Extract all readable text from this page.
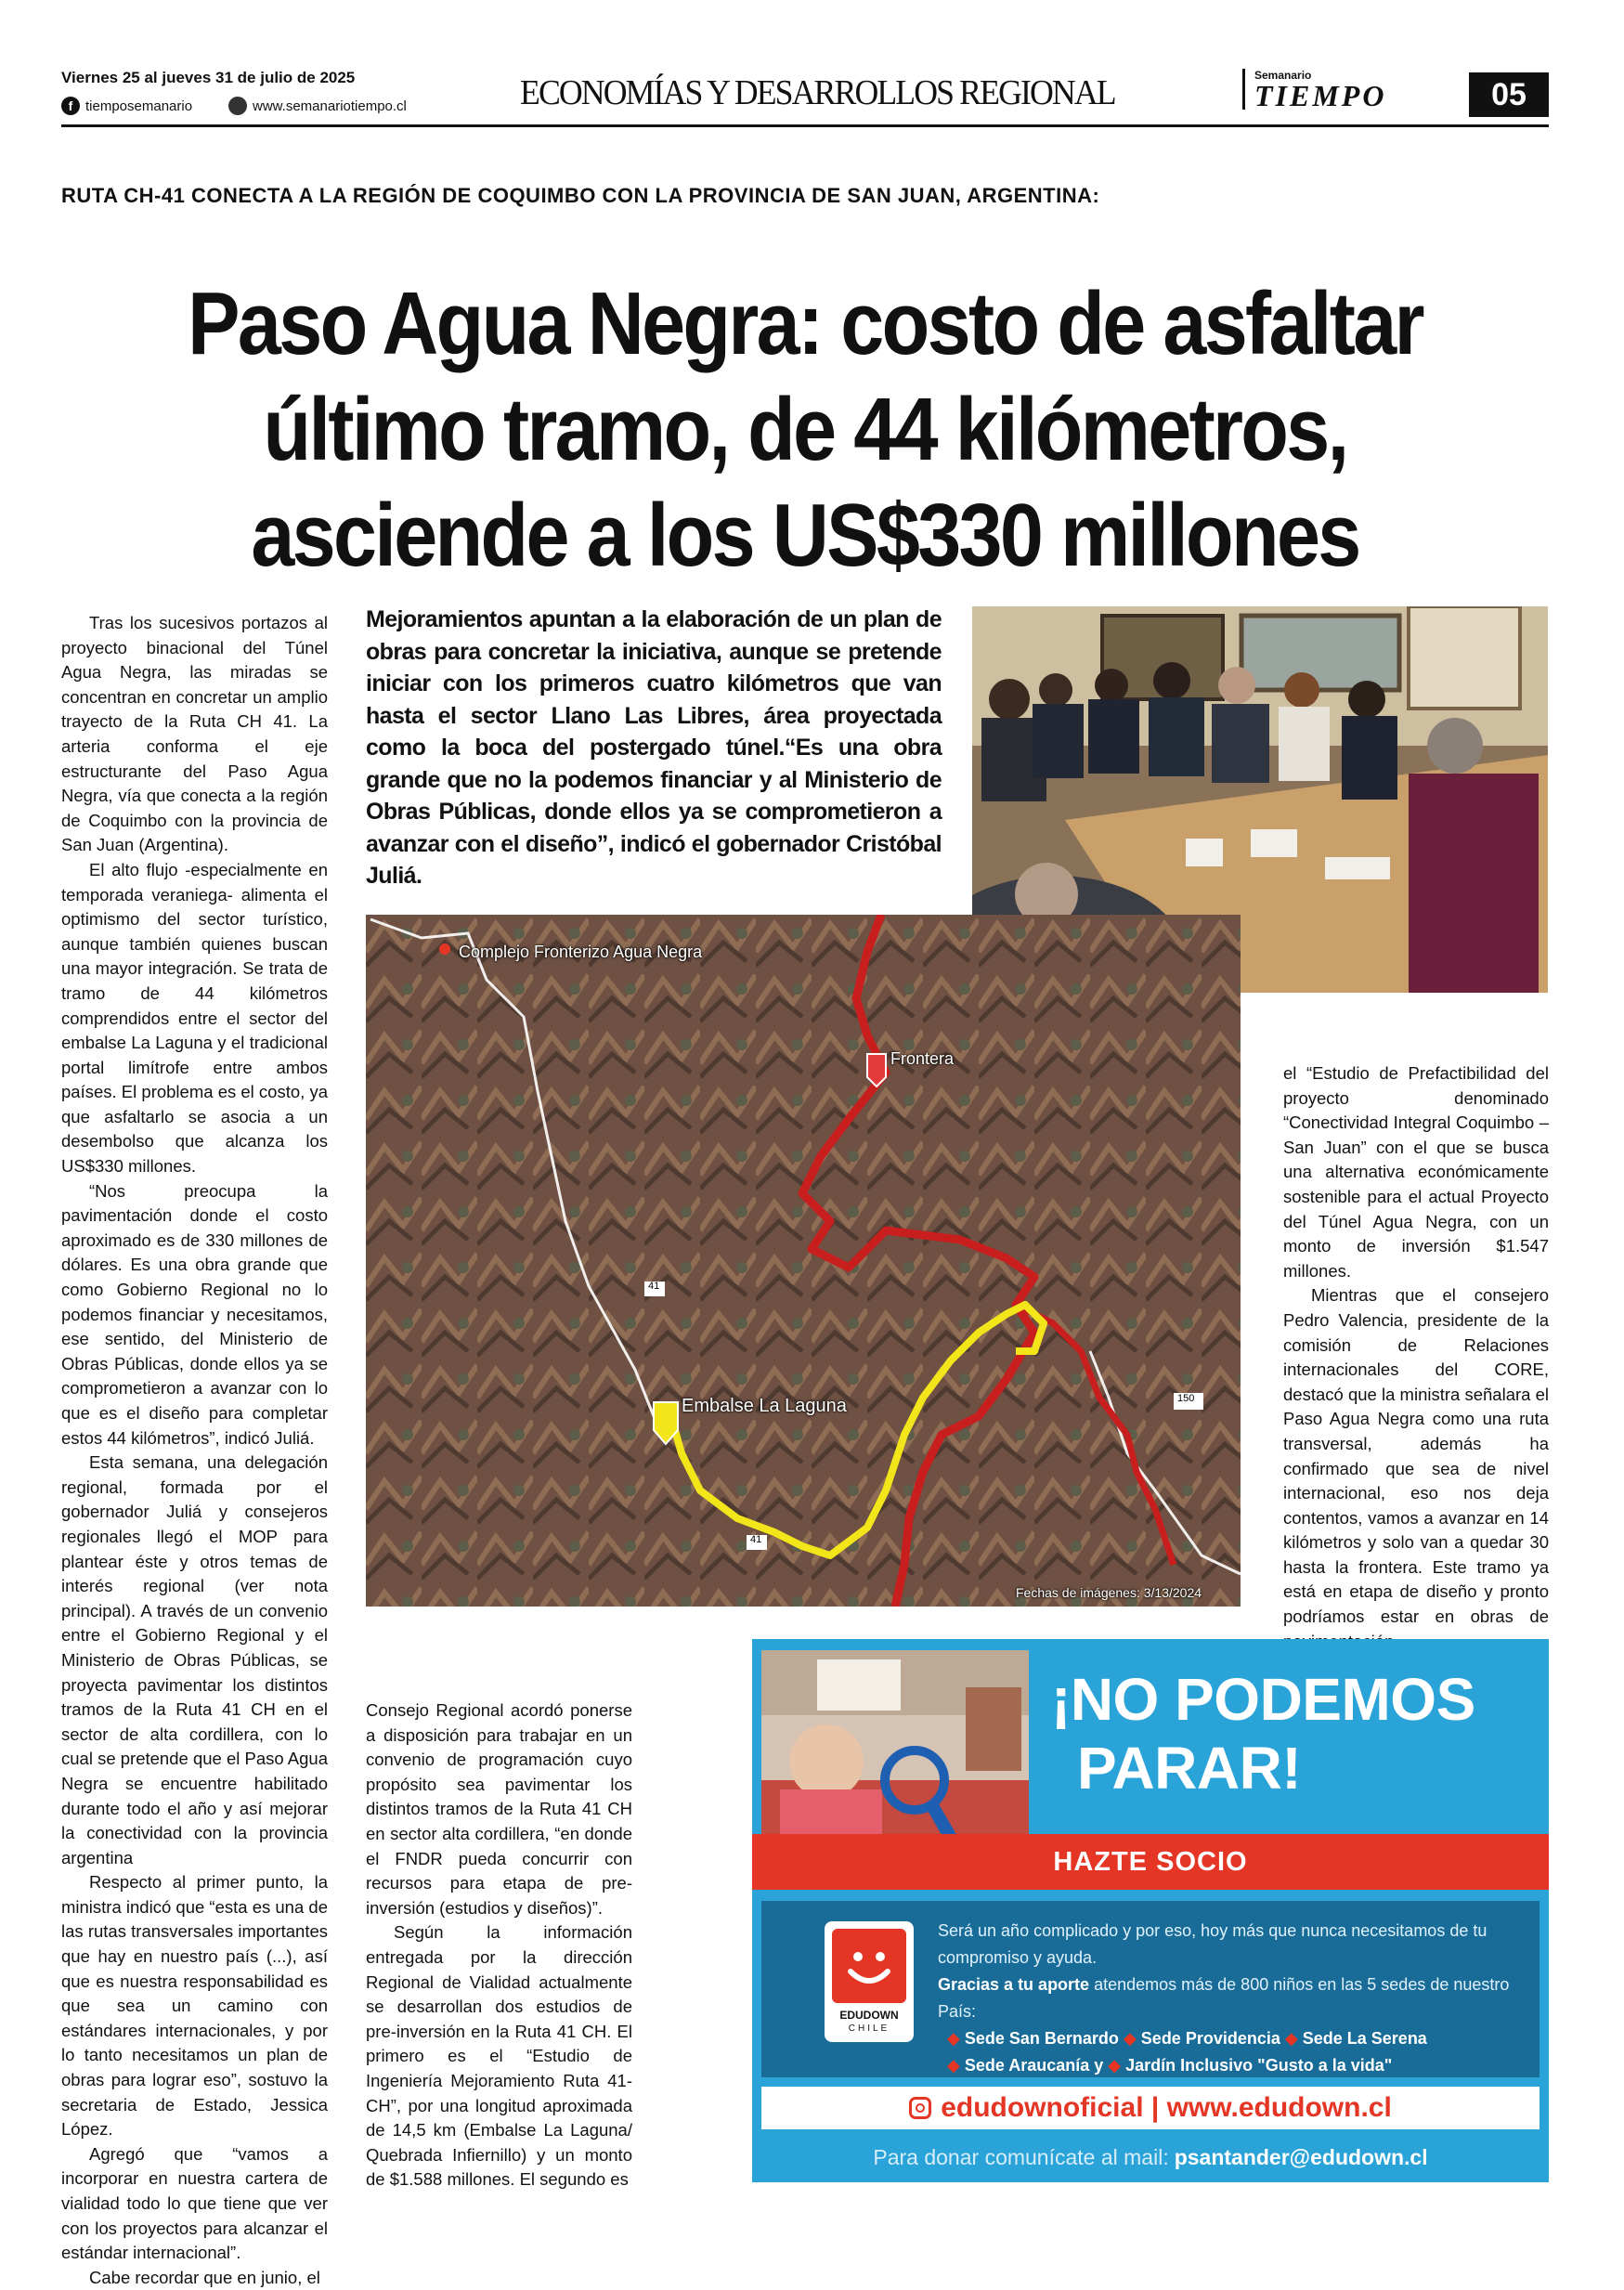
Viernes 25 al jueves 31 de julio de 2025
f tiemposemanario	www.semanariotiempo.cl	ECONOMÍAS Y DESARROLLOS REGIONAL	Semanario
TIEMPO	05
RUTA CH-41 CONECTA A LA REGIÓN DE COQUIMBO CON LA PROVINCIA DE SAN JUAN, ARGENTINA:
Paso Agua Negra: costo de asfaltar
último tramo, de 44 kilómetros,
asciende a los US$330 millones

Tras los sucesivos portazos al proyecto binacional del Túnel Agua Negra, las miradas se concentran en concretar un amplio trayecto de la Ruta CH 41. La arteria conforma el eje estructurante del Paso Agua Negra, vía que conecta a la región de Coquimbo con la provincia de San Juan (Argentina).

El alto flujo -especialmente en temporada veraniega- alimenta el optimismo del sector turístico, aunque también quienes buscan una mayor integración. Se trata de tramo de 44 kilómetros comprendidos entre el sector del embalse La Laguna y el tradicional portal limítrofe entre ambos países. El problema es el costo, ya que asfaltarlo se asocia a un desembolso que alcanza los US$330 millones.

“Nos preocupa la pavimentación donde el costo aproximado es de 330 millones de dólares. Es una obra grande que como Gobierno Regional no lo podemos financiar y necesitamos, ese sentido, del Ministerio de Obras Públicas, donde ellos ya se comprometieron a avanzar con lo que es el diseño para completar estos 44 kilómetros”, indicó Juliá.

Esta semana, una delegación regional, formada por el gobernador Juliá y consejeros regionales llegó el MOP para plantear éste y otros temas de interés regional (ver nota principal). A través de un convenio entre el Gobierno Regional y el Ministerio de Obras Públicas, se proyecta pavimentar los distintos tramos de la Ruta 41 CH en el sector de alta cordillera, con lo cual se pretende que el Paso Agua Negra se encuentre habilitado durante todo el año y así mejorar la conectividad con la provincia argentina

Respecto al primer punto, la ministra indicó que “esta es una de las rutas transversales importantes que hay en nuestro país (...), así que es nuestra responsabilidad es que sea un camino con estándares internacionales, y por lo tanto necesitamos un plan de obras para lograr eso”, sostuvo la secretaria de Estado, Jessica López.

Agregó que “vamos a incorporar en nuestra cartera de vialidad todo lo que tiene que ver con los proyectos para alcanzar el estándar internacional”.

Cabe recordar que en junio, el

Mejoramientos apuntan a la elaboración de un plan de obras para concretar la iniciativa, aunque se pretende iniciar con los primeros cuatro kilómetros que van hasta el sector Llano Las Libres, área proyectada como la boca del postergado túnel.“Es una obra grande que no la podemos financiar y al Ministerio de Obras Públicas, donde ellos ya se comprometieron a avanzar con el diseño”, indicó el gobernador Cristóbal Juliá.
Complejo Fronterizo Agua Negra
Frontera
Embalse La Laguna
41
150
41
Fechas de imágenes: 3/13/2024

el “Estudio de Prefactibilidad del proyecto denominado “Conectividad Integral Coquimbo – San Juan” con el que se busca una alternativa económicamente sostenible para el actual Proyecto del Túnel Agua Negra, con un monto de inversión $1.547 millones.

Mientras que el consejero Pedro Valencia, presidente de la comisión de Relaciones internacionales del CORE, destacó que la ministra señalara el Paso Agua Negra como una ruta transversal, además ha confirmado que sea de nivel internacional, eso nos deja contentos, vamos a avanzar en 14 kilómetros y solo van a quedar 30 hasta la frontera. Este tramo ya está en etapa de diseño y pronto podríamos estar en obras de

Consejo Regional acordó ponerse a disposición para trabajar en un convenio de programación cuyo propósito sea pavimentar los distintos tramos de la Ruta 41 CH en sector alta cordillera, “en donde el FNDR pueda concurrir con recursos para etapa de pre-inversión (estudios y diseños)”.

Según la información entregada por la dirección Regional de Vialidad actualmente se desarrollan dos estudios de pre-inversión en la Ruta 41 CH. El primero es el “Estudio de Ingeniería Mejoramiento Ruta 41-CH”, por una longitud aproximada de 14,5 km (Embalse La Laguna/ Quebrada Infiernillo) y un monto de $1.588 millones. El segundo es

¡NO PODEMOS
PARAR!
HAZTE SOCIO
EDUDOWN
CHILE
Será un año complicado y por eso, hoy más que nunca necesitamos de tu compromiso y ayuda.
Gracias a tu aporte atendemos más de 800 niños en las 5 sedes de nuestro País:
◆ Sede San Bernardo ◆ Sede Providencia ◆ Sede La Serena
◆ Sede Araucanía y ◆ Jardín Inclusivo "Gusto a la vida"
edudownoficial | www.edudown.cl
Para donar comunícate al mail: psantander@edudown.cl
